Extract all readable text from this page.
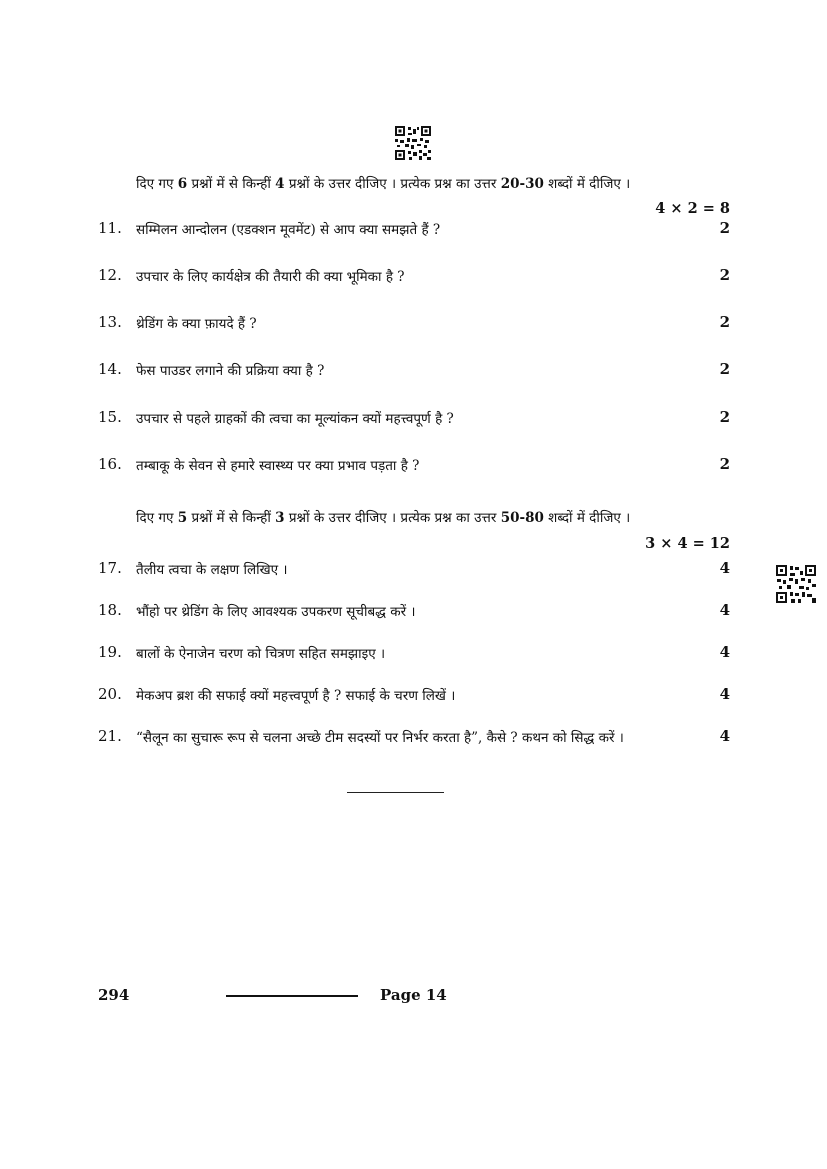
दिए गए 6 प्रश्नों में से किन्हीं 4 प्रश्नों के उत्तर दीजिए । प्रत्येक प्रश्न का उत्तर 20-30 शब्दों में दीजिए ।
4 × 2 = 8
11. सम्मिलन आन्दोलन (एडक्शन मूवमेंट) से आप क्या समझते हैं ?	2
12. उपचार के लिए कार्यक्षेत्र की तैयारी की क्या भूमिका है ?	2
13. थ्रेडिंग के क्या फ़ायदे हैं ?	2
14. फेस पाउडर लगाने की प्रक्रिया क्या है ?	2
15. उपचार से पहले ग्राहकों की त्वचा का मूल्यांकन क्यों महत्त्वपूर्ण है ?	2
16. तम्बाकू के सेवन से हमारे स्वास्थ्य पर क्या प्रभाव पड़ता है ?	2
दिए गए 5 प्रश्नों में से किन्हीं 3 प्रश्नों के उत्तर दीजिए । प्रत्येक प्रश्न का उत्तर 50-80 शब्दों में दीजिए ।
3 × 4 = 12
17. तैलीय त्वचा के लक्षण लिखिए ।	4
18. भौंहो पर थ्रेडिंग के लिए आवश्यक उपकरण सूचीबद्ध करें ।	4
19. बालों के ऐनाजेन चरण को चित्रण सहित समझाइए ।	4
20. मेकअप ब्रश की सफाई क्यों महत्त्वपूर्ण है ? सफाई के चरण लिखें ।	4
21. “सैलून का सुचारू रूप से चलना अच्छे टीम सदस्यों पर निर्भर करता है”, कैसे ? कथन को सिद्ध करें ।	4
294	Page 14
